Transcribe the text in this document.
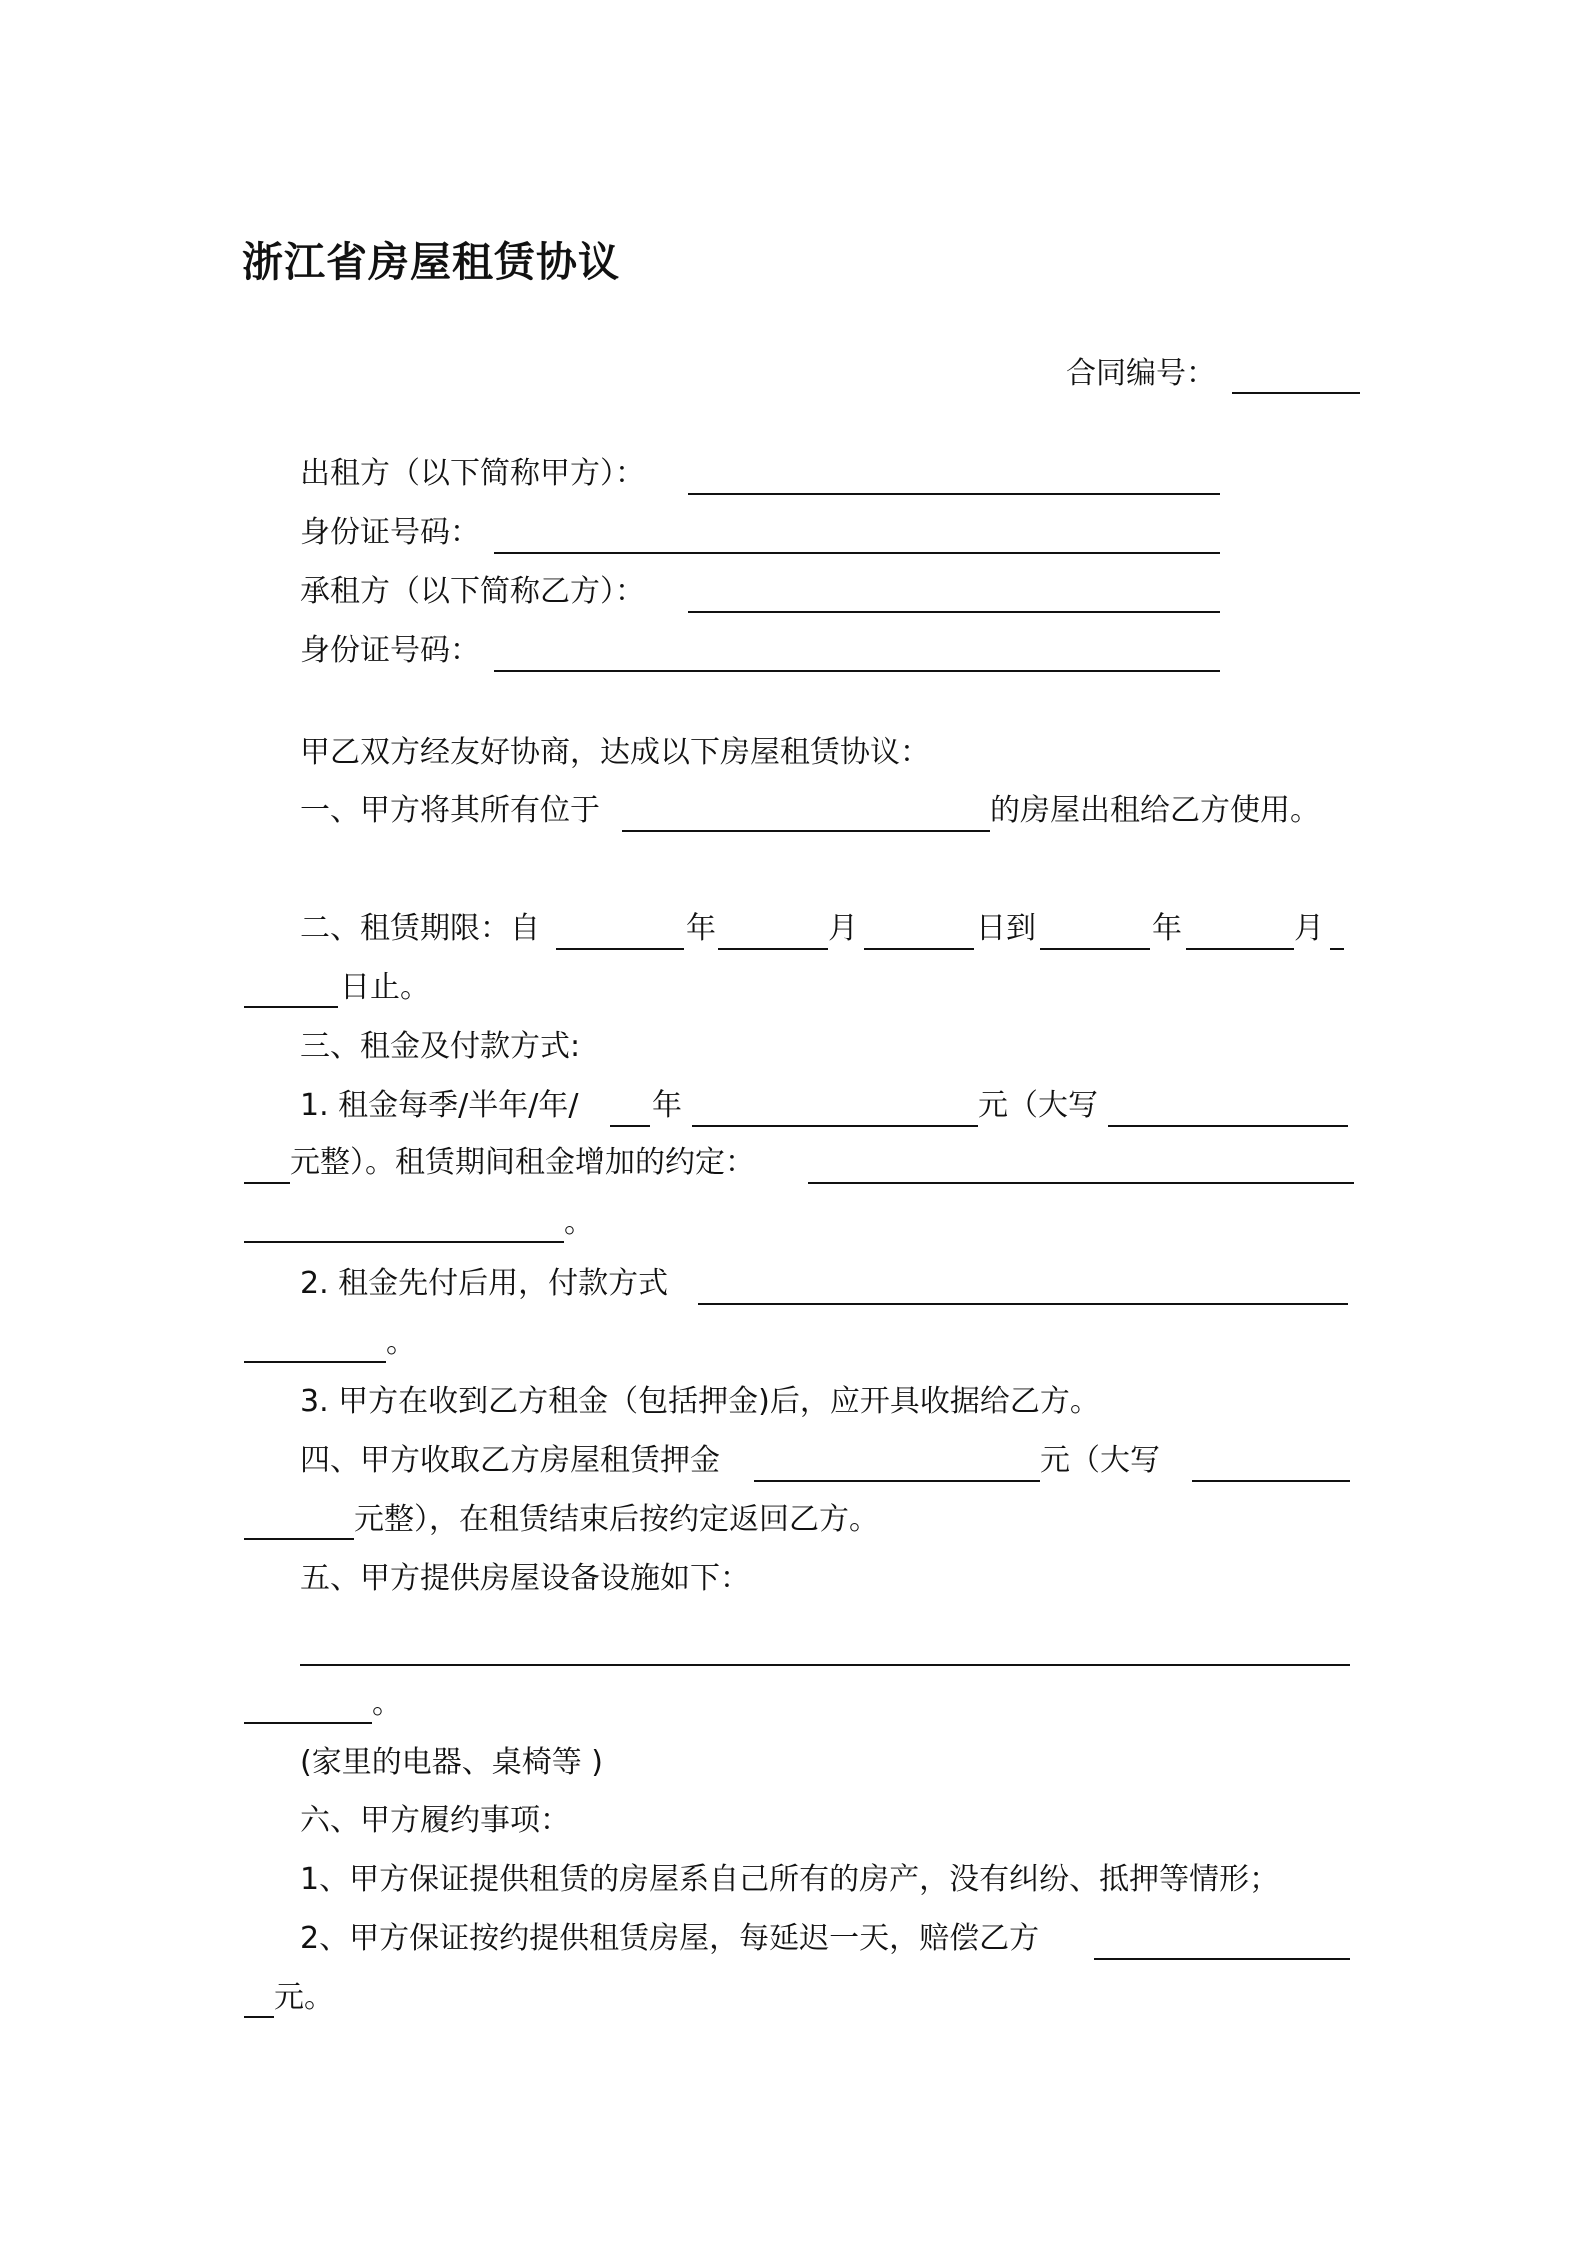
浙江省房屋租赁协议
合同编号：
出租方（以下简称甲方）：
身份证号码：
承租方（以下简称乙方）：
身份证号码：
甲乙双方经友好协商，达成以下房屋租赁协议：
一、甲方将其所有位于	的房屋出租给乙方使用。
二、租赁期限：自	年	月	日到	年	月
日止。
三、租金及付款方式:
1. 租金每季/半年/年/ 年	元（大写
元整）。租赁期间租金增加的约定：
。
2. 租金先付后用，付款方式
。
3. 甲方在收到乙方租金（包括押金)后，应开具收据给乙方。
四、甲方收取乙方房屋租赁押金	元（大写
元整），在租赁结束后按约定返回乙方。
五、甲方提供房屋设备设施如下：
。
(家里的电器、桌椅等 )
六、甲方履约事项：
1、甲方保证提供租赁的房屋系自己所有的房产，没有纠纷、抵押等情形；
2、甲方保证按约提供租赁房屋，每延迟一天，赔偿乙方
元。
